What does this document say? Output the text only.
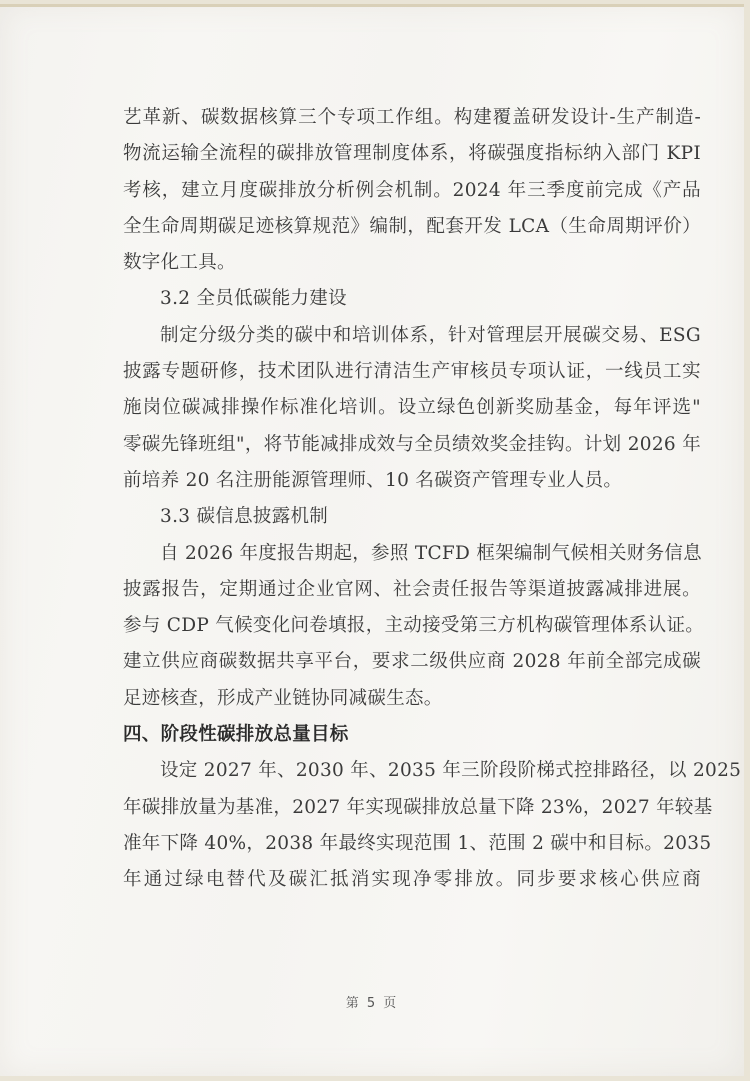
艺革新、碳数据核算三个专项工作组。构建覆盖研发设计-生产制造-
物流运输全流程的碳排放管理制度体系，将碳强度指标纳入部门 KPI
考核，建立月度碳排放分析例会机制。2024 年三季度前完成《产品
全生命周期碳足迹核算规范》编制，配套开发 LCA（生命周期评价）
数字化工具。
3.2 全员低碳能力建设
制定分级分类的碳中和培训体系，针对管理层开展碳交易、ESG
披露专题研修，技术团队进行清洁生产审核员专项认证，一线员工实
施岗位碳减排操作标准化培训。设立绿色创新奖励基金，每年评选"
零碳先锋班组"，将节能减排成效与全员绩效奖金挂钩。计划 2026 年
前培养 20 名注册能源管理师、10 名碳资产管理专业人员。
3.3 碳信息披露机制
自 2026 年度报告期起，参照 TCFD 框架编制气候相关财务信息
披露报告，定期通过企业官网、社会责任报告等渠道披露减排进展。
参与 CDP 气候变化问卷填报，主动接受第三方机构碳管理体系认证。
建立供应商碳数据共享平台，要求二级供应商 2028 年前全部完成碳
足迹核查，形成产业链协同减碳生态。
四、阶段性碳排放总量目标
设定 2027 年、2030 年、2035 年三阶段阶梯式控排路径，以 2025
年碳排放量为基准，2027 年实现碳排放总量下降 23%，2027 年较基
准年下降 40%，2038 年最终实现范围 1、范围 2 碳中和目标。2035
年通过绿电替代及碳汇抵消实现净零排放。同步要求核心供应商
第 5 页
